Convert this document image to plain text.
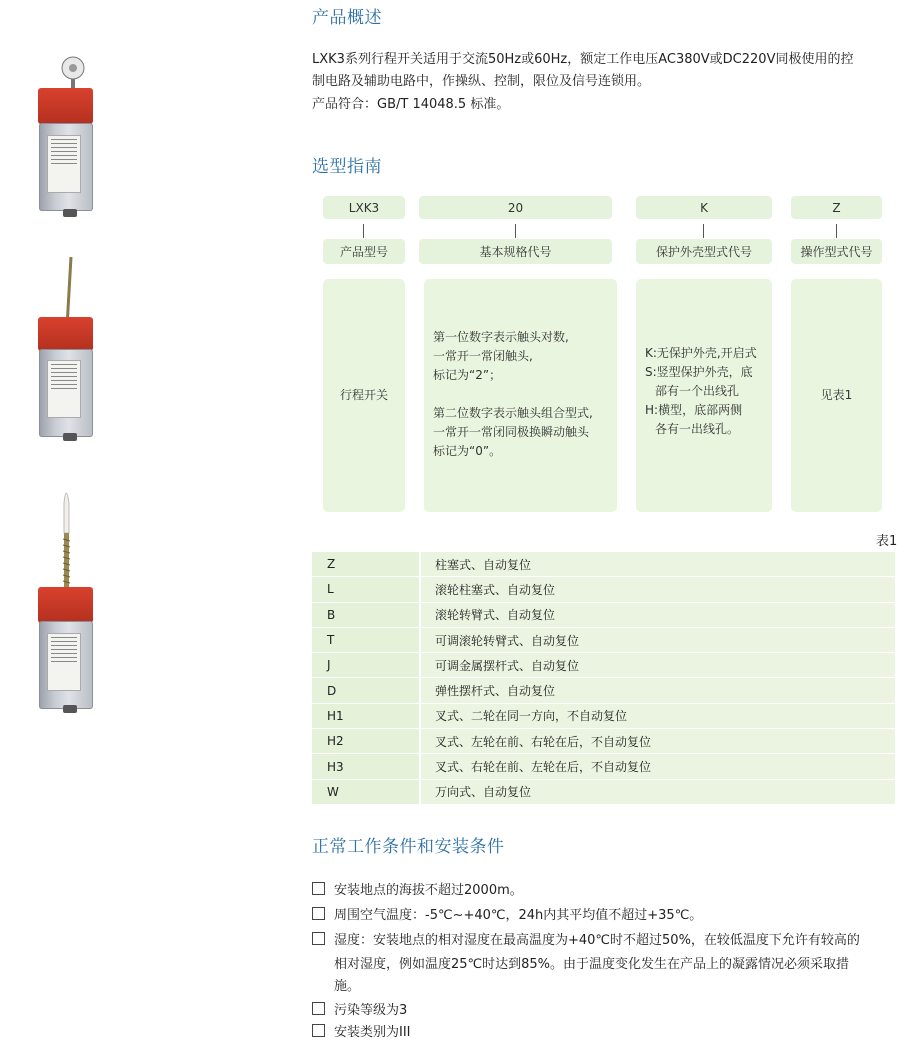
产品概述
LXK3系列行程开关适用于交流50Hz或60Hz，额定工作电压AC380V或DC220V同极使用的控
制电路及辅助电路中，作操纵、控制，限位及信号连锁用。
产品符合：GB/T 14048.5 标准。
选型指南
LXK3	20	K	Z
产品型号	基本规格代号	保护外壳型式代号	操作型式代号
行程开关
第一位数字表示触头对数,
一常开一常闭触头,
标记为“2”；
第二位数字表示触头组合型式,
一常开一常闭同极换瞬动触头
标记为“0”。
K:无保护外壳,开启式
S:竖型保护外壳，底
部有一个出线孔
H:横型，底部两侧
各有一出线孔。
见表1
表1
Z	柱塞式、自动复位
L	滚轮柱塞式、自动复位
B	滚轮转臂式、自动复位
T	可调滚轮转臂式、自动复位
J	可调金属摆杆式、自动复位
D	弹性摆杆式、自动复位
H1	叉式、二轮在同一方向，不自动复位
H2	叉式、左轮在前、右轮在后，不自动复位
H3	叉式、右轮在前、左轮在后，不自动复位
W	万向式、自动复位
正常工作条件和安装条件
安装地点的海拔不超过2000m。
周围空气温度：-5℃~+40℃，24h内其平均值不超过+35℃。
湿度：安装地点的相对湿度在最高温度为+40℃时不超过50%，在较低温度下允许有较高的
相对湿度，例如温度25℃时达到85%。由于温度变化发生在产品上的凝露情况必须采取措
施。
污染等级为3
安装类别为III
